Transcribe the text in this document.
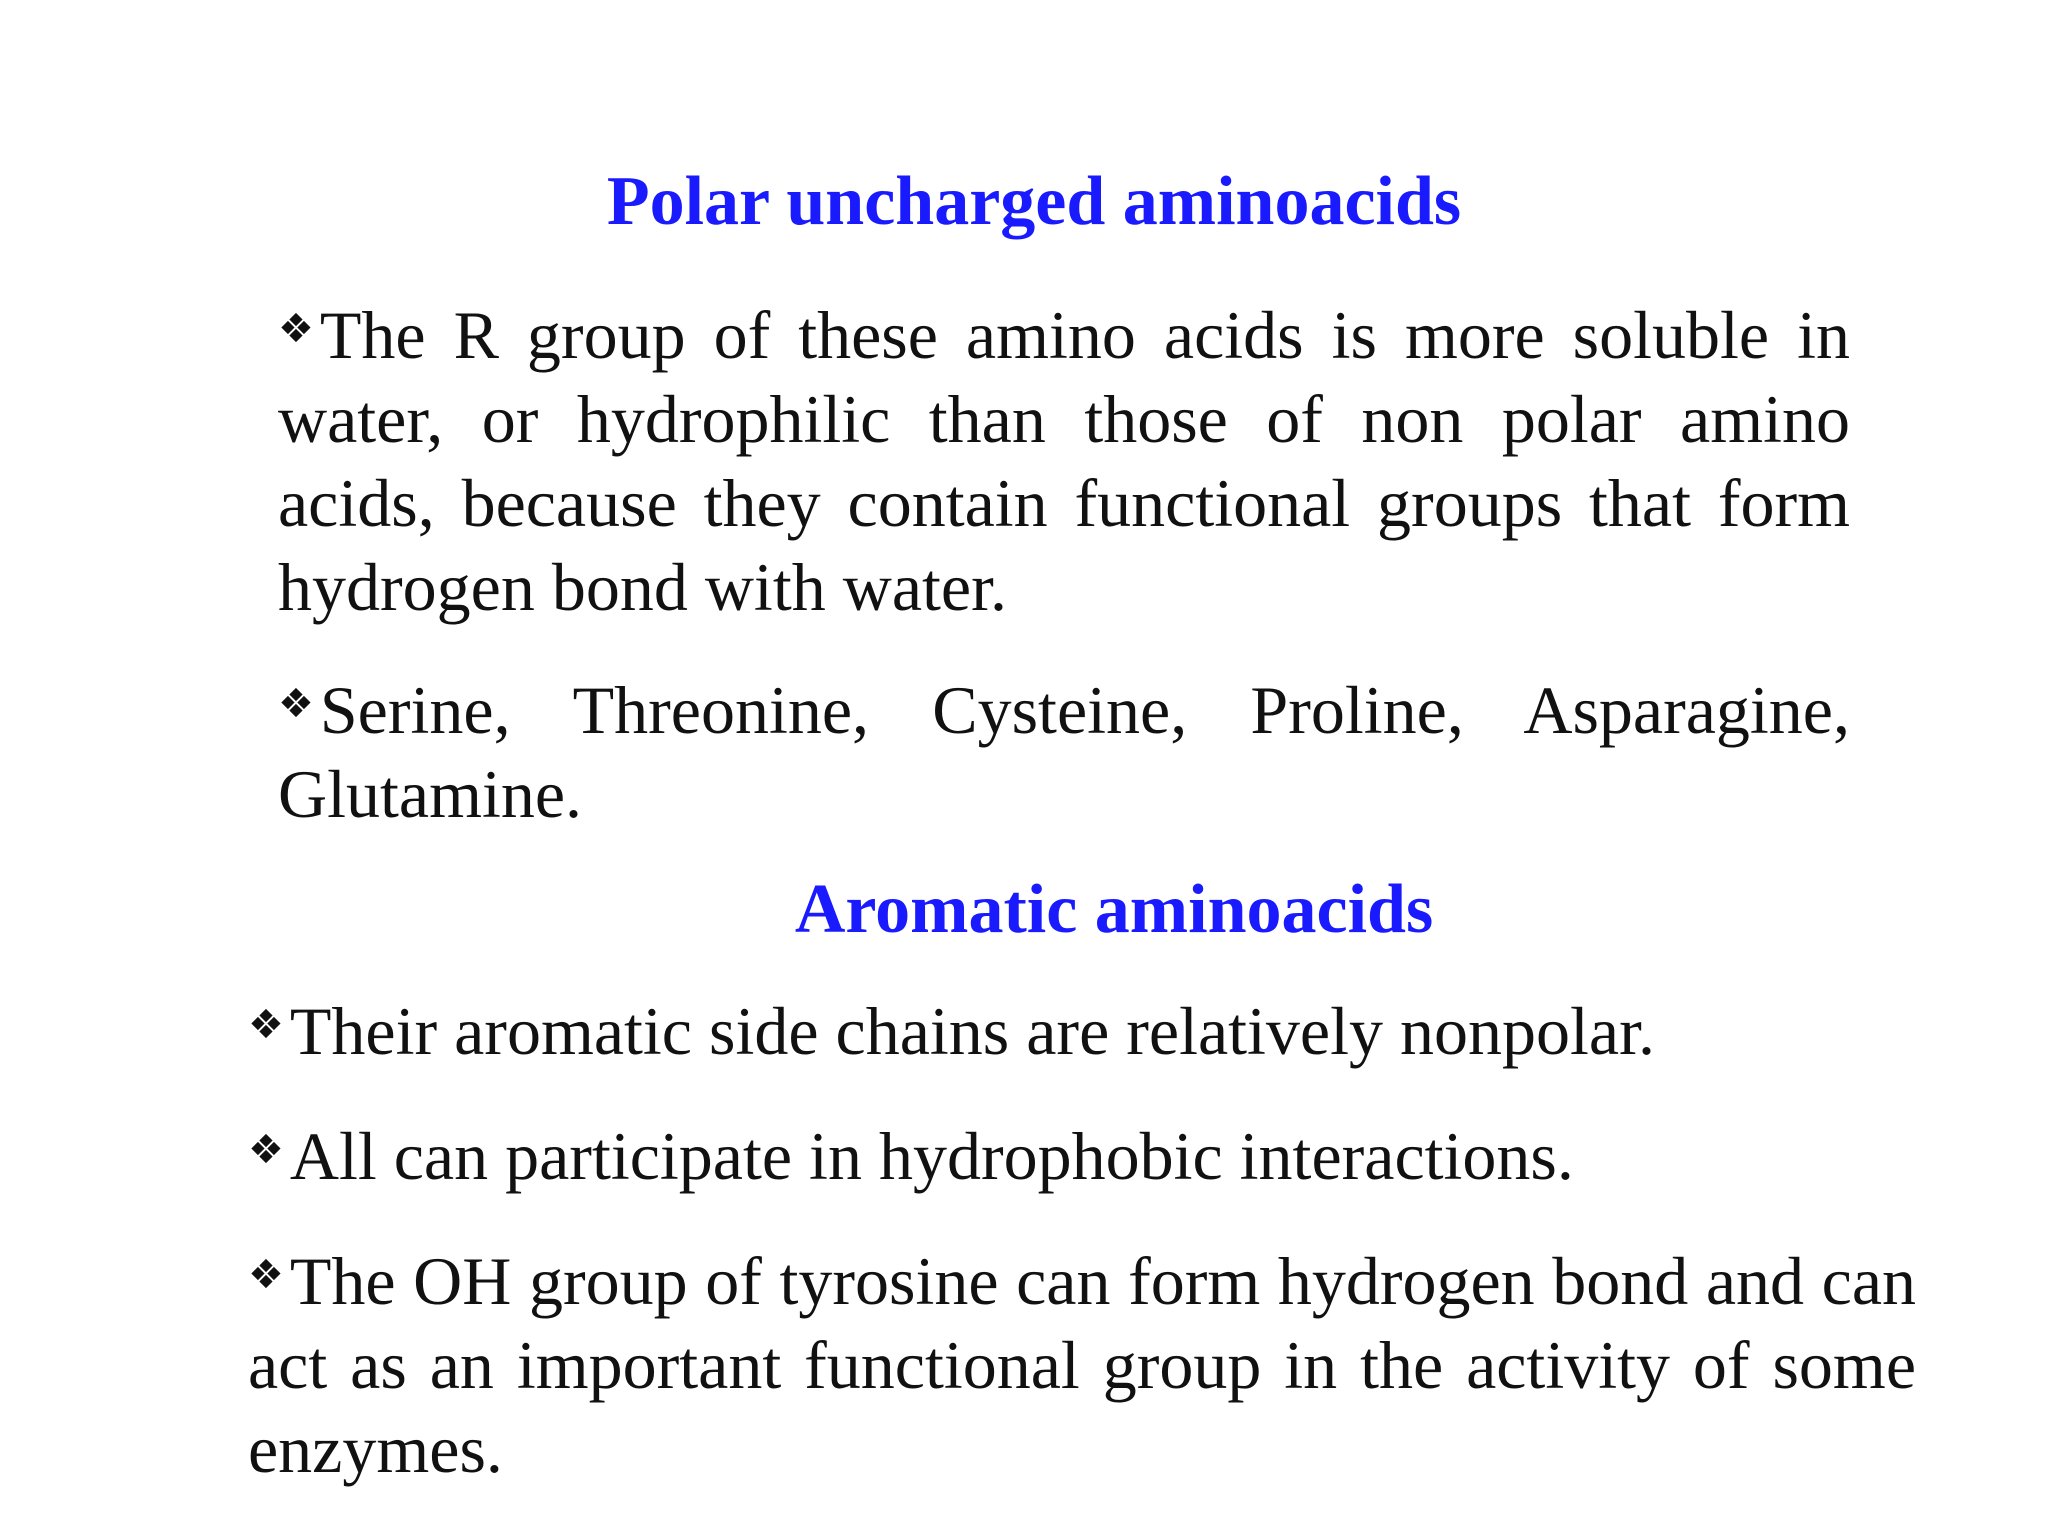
Polar uncharged aminoacids

❖The R group of these amino acids is more soluble in water, or hydrophilic than those of non polar amino acids, because they contain functional groups that form hydrogen bond with water.

❖Serine, Threonine, Cysteine, Proline, Asparagine, Glutamine.

Aromatic aminoacids

❖Their aromatic side chains are relatively nonpolar.

❖All can participate in hydrophobic interactions.

❖The OH group of tyrosine can form hydrogen bond and can act as an important functional group in the activity of some enzymes.
